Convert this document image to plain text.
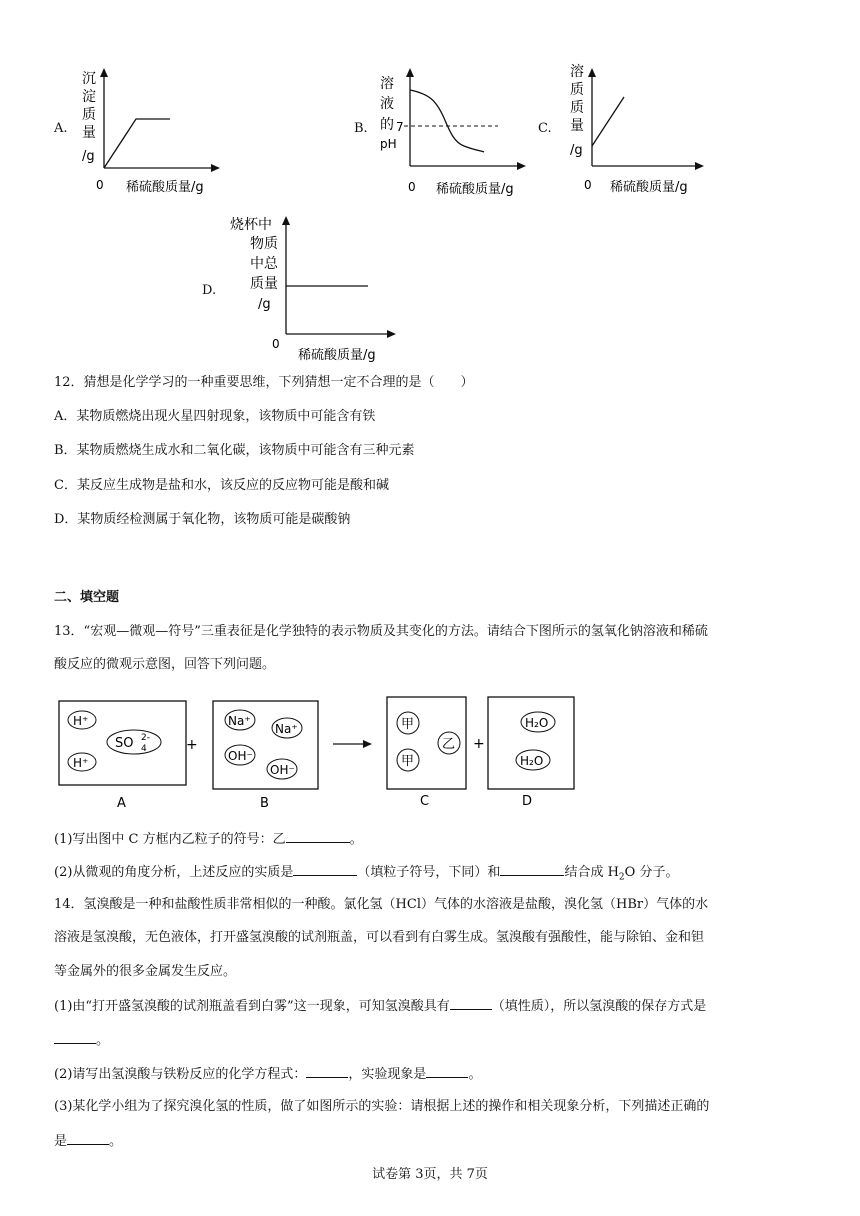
A.
沉
淀
质
量
/g
0 稀硫酸质量/g
B.
溶
液
的
pH
7
0 稀硫酸质量/g
C.
溶
质
质
量
/g
0 稀硫酸质量/g
D.
烧杯中
物质
中总
质量
/g
0
稀硫酸质量/g
12．猜想是化学学习的一种重要思维，下列猜想一定不合理的是（　　）
A．某物质燃烧出现火星四射现象，该物质中可能含有铁
B．某物质燃烧生成水和二氧化碳，该物质中可能含有三种元素
C．某反应生成物是盐和水，该反应的反应物可能是酸和碱
D．某物质经检测属于氧化物，该物质可能是碳酸钠
二、填空题
13．“宏观—微观—符号”三重表征是化学独特的表示物质及其变化的方法。请结合下图所示的氢氧化钠溶液和稀硫
酸反应的微观示意图，回答下列问题。
H⁺
H⁺
SO 4
2-
A
+
Na⁺
Na⁺
OH⁻
OH⁻
B
甲
甲
乙
C
+
H₂O
H₂O
D
(1)写出图中 C 方框内乙粒子的符号：乙	。
(2)从微观的角度分析，上述反应的实质是	（填粒子符号，下同）和	结合成 $H_2O$ 分子。
14．氢溴酸是一种和盐酸性质非常相似的一种酸。氯化氢（HCl）气体的水溶液是盐酸，溴化氢（HBr）气体的水
溶液是氢溴酸，无色液体，打开盛氢溴酸的试剂瓶盖，可以看到有白雾生成。氢溴酸有强酸性，能与除铂、金和钽
等金属外的很多金属发生反应。
(1)由“打开盛氢溴酸的试剂瓶盖看到白雾”这一现象，可知氢溴酸具有	（填性质），所以氢溴酸的保存方式是
。
(2)请写出氢溴酸与铁粉反应的化学方程式：	，实验现象是	。
(3)某化学小组为了探究溴化氢的性质，做了如图所示的实验：请根据上述的操作和相关现象分析，下列描述正确的
是	。
试卷第 3页，共 7页
